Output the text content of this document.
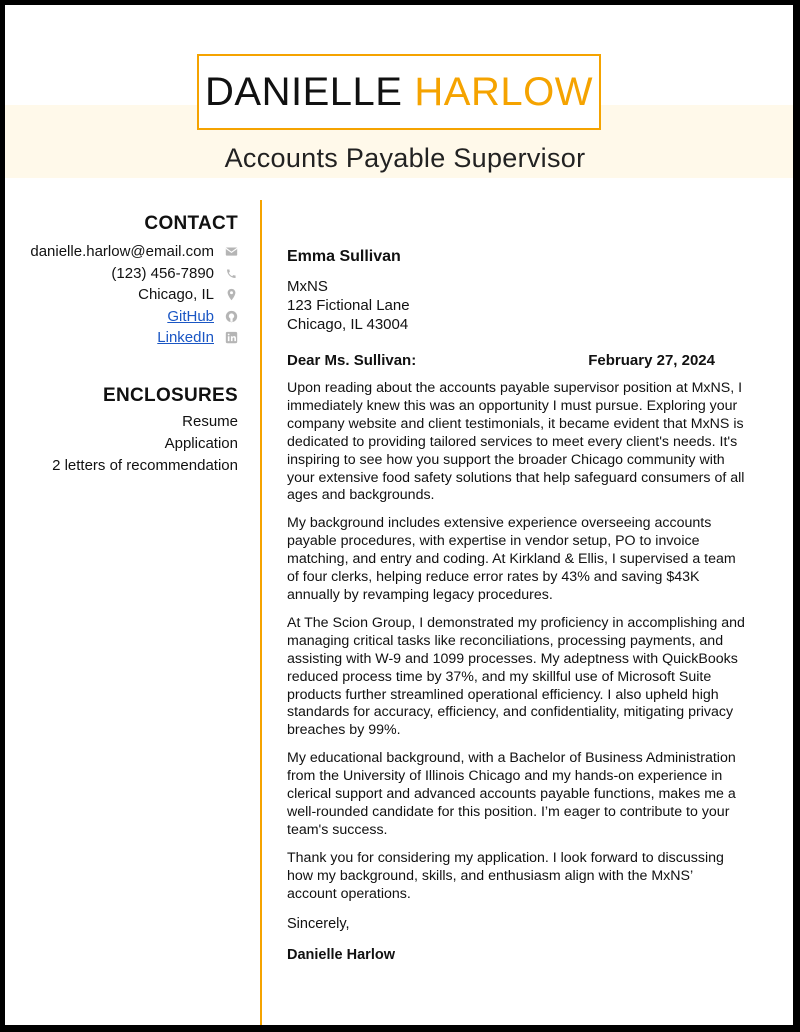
DANIELLE HARLOW
Accounts Payable Supervisor
CONTACT
danielle.harlow@email.com
(123) 456-7890
Chicago, IL
GitHub
LinkedIn
ENCLOSURES
Resume
Application
2 letters of recommendation
Emma Sullivan
MxNS
123 Fictional Lane
Chicago, IL 43004
Dear Ms. Sullivan:	February 27, 2024

Upon reading about the accounts payable supervisor position at MxNS, I immediately knew this was an opportunity I must pursue. Exploring your company website and client testimonials, it became evident that MxNS is dedicated to providing tailored services to meet every client's needs. It's inspiring to see how you support the broader Chicago community with your extensive food safety solutions that help safeguard consumers of all ages and backgrounds.

My background includes extensive experience overseeing accounts payable procedures, with expertise in vendor setup, PO to invoice matching, and entry and coding. At Kirkland & Ellis, I supervised a team of four clerks, helping reduce error rates by 43% and saving $43K annually by revamping legacy procedures.

At The Scion Group, I demonstrated my proficiency in accomplishing and managing critical tasks like reconciliations, processing payments, and assisting with W-9 and 1099 processes. My adeptness with QuickBooks reduced process time by 37%, and my skillful use of Microsoft Suite products further streamlined operational efficiency. I also upheld high standards for accuracy, efficiency, and confidentiality, mitigating privacy breaches by 99%.

My educational background, with a Bachelor of Business Administration from the University of Illinois Chicago and my hands-on experience in clerical support and advanced accounts payable functions, makes me a well-rounded candidate for this position. I’m eager to contribute to your team's success.

Thank you for considering my application. I look forward to discussing how my background, skills, and enthusiasm align with the MxNS’ account operations.

Sincerely,
Danielle Harlow
